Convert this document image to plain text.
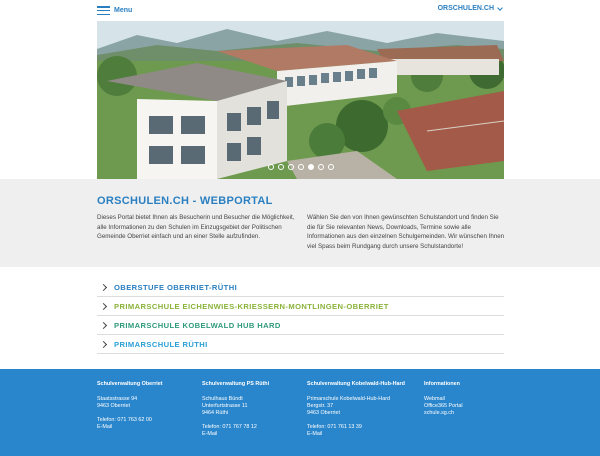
Menu	ORSCHULEN.CH
ORSCHULEN.CH - WEBPORTAL

Dieses Portal bietet Ihnen als Besucherin und Besucher die Möglichkeit, alle Informationen zu den Schulen im Einzugsgebiet der Politischen Gemeinde Oberriet einfach und an einer Stelle aufzufinden.

Wählen Sie den von Ihnen gewünschten Schulstandort und finden Sie die für Sie relevanten News, Downloads, Termine sowie alle Informationen aus den einzelnen Schulgemeinden. Wir wünschen Ihnen viel Spass beim Rundgang durch unsere Schulstandorte!

OBERSTUFE OBERRIET-RÜTHI
PRIMARSCHULE EICHENWIES-KRIESSERN-MONTLINGEN-OBERRIET
PRIMARSCHULE KOBELWALD HUB HARD
PRIMARSCHULE RÜTHI
Schulverwaltung Oberriet
Staatsstrasse 94
9463 Oberriet
Telefon: 071 763 62 00
E-Mail
Schulverwaltung PS Rüthi
Schulhaus Bündt
Unterfurtstrasse 11
9464 Rüthi
Telefon: 071 767 78 12
E-Mail
Schulverwaltung Kobelwald-Hub-Hard
Primarschule Kobelwald-Hub-Hard
Bergstr. 37
9463 Oberriet
Telefon: 071 761 13 39
E-Mail
Informationen
Webmail
Office365 Portal
schule.sg.ch
